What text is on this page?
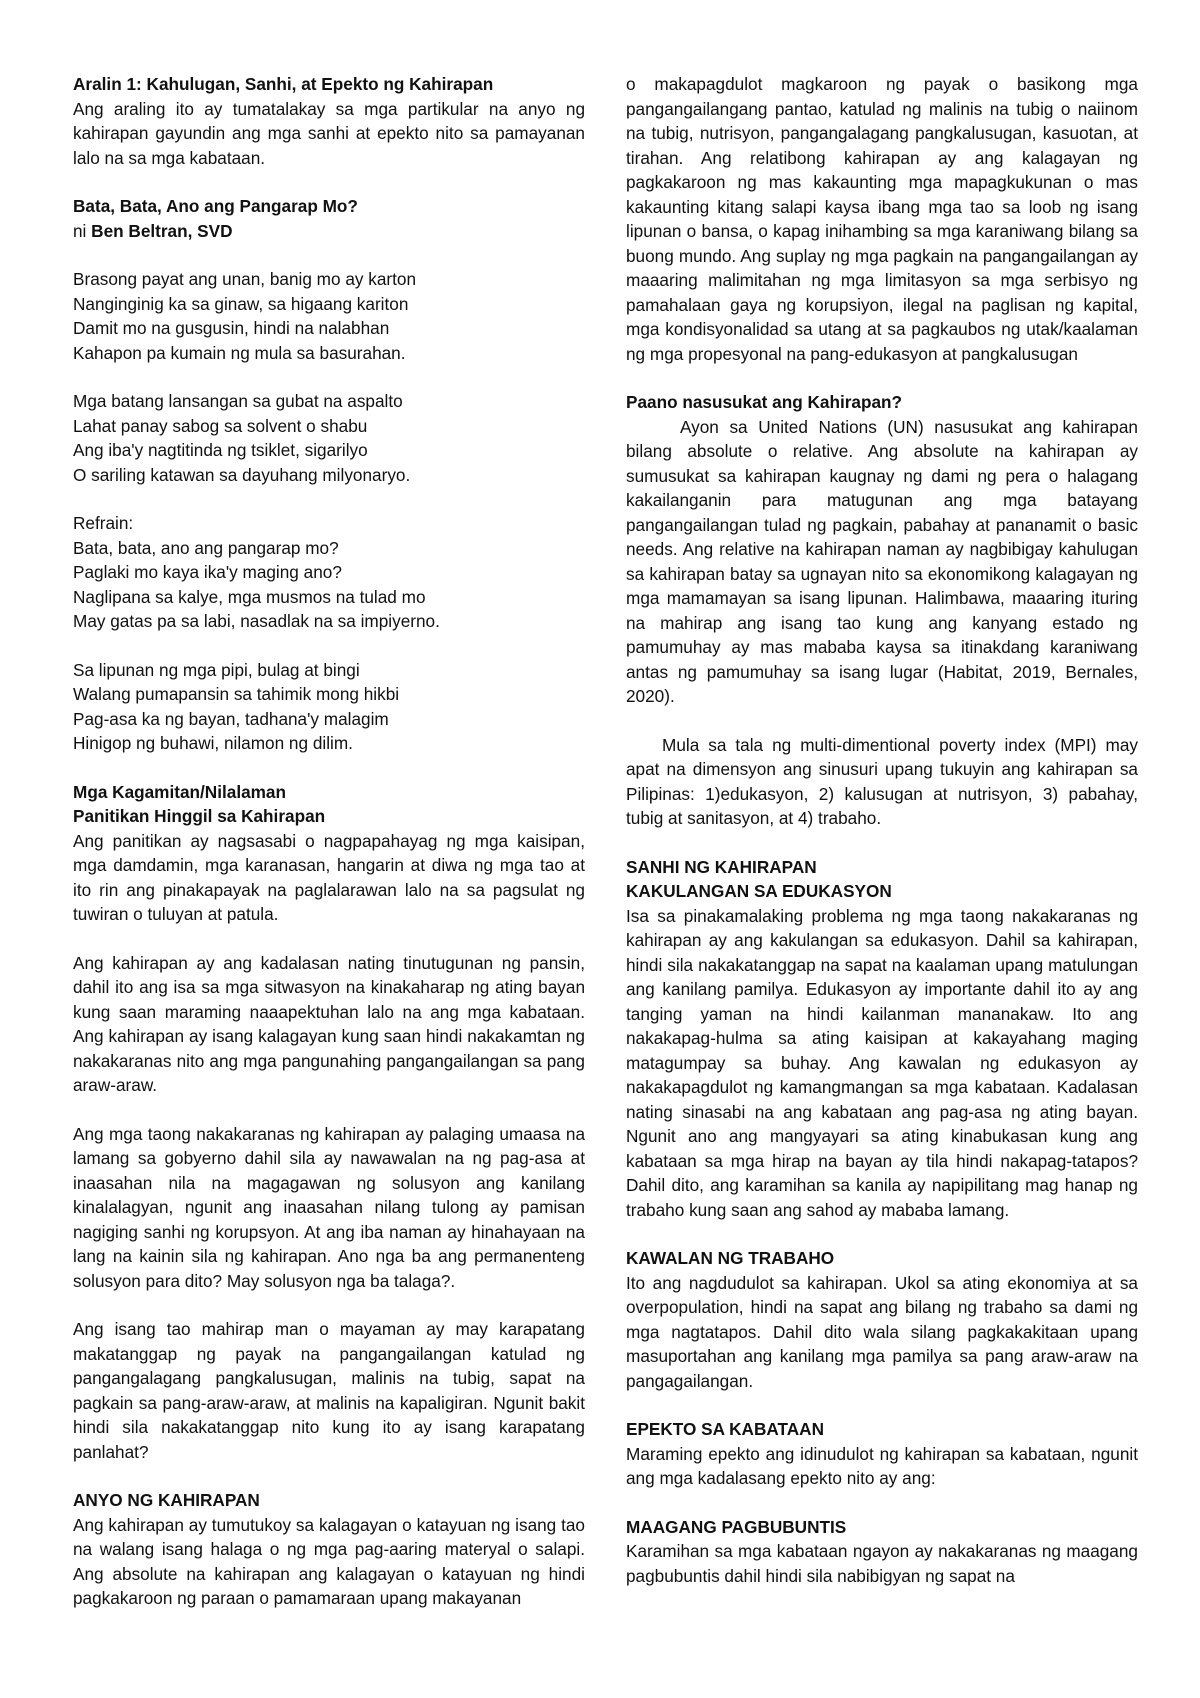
Aralin 1: Kahulugan, Sanhi, at Epekto ng Kahirapan

Ang araling ito ay tumatalakay sa mga partikular na anyo ng kahirapan gayundin ang mga sanhi at epekto nito sa pamayanan lalo na sa mga kabataan.

Bata, Bata, Ano ang Pangarap Mo?

ni Ben Beltran, SVD

Brasong payat ang unan, banig mo ay karton

Nanginginig ka sa ginaw, sa higaang kariton

Damit mo na gusgusin, hindi na nalabhan

Kahapon pa kumain ng mula sa basurahan.

Mga batang lansangan sa gubat na aspalto

Lahat panay sabog sa solvent o shabu

Ang iba'y nagtitinda ng tsiklet, sigarilyo

O sariling katawan sa dayuhang milyonaryo.

Refrain:

Bata, bata, ano ang pangarap mo?

Paglaki mo kaya ika'y maging ano?

Naglipana sa kalye, mga musmos na tulad mo

May gatas pa sa labi, nasadlak na sa impiyerno.

Sa lipunan ng mga pipi, bulag at bingi

Walang pumapansin sa tahimik mong hikbi

Pag-asa ka ng bayan, tadhana'y malagim

Hinigop ng buhawi, nilamon ng dilim.

Mga Kagamitan/Nilalaman

Panitikan Hinggil sa Kahirapan

Ang panitikan ay nagsasabi o nagpapahayag ng mga kaisipan, mga damdamin, mga karanasan, hangarin at diwa ng mga tao at ito rin ang pinakapayak na paglalarawan lalo na sa pagsulat ng tuwiran o tuluyan at patula.

Ang kahirapan ay ang kadalasan nating tinutugunan ng pansin, dahil ito ang isa sa mga sitwasyon na kinakaharap ng ating bayan kung saan maraming naaapektuhan lalo na ang mga kabataan. Ang kahirapan ay isang kalagayan kung saan hindi nakakamtan ng nakakaranas nito ang mga pangunahing pangangailangan sa pang araw-araw.

Ang mga taong nakakaranas ng kahirapan ay palaging umaasa na lamang sa gobyerno dahil sila ay nawawalan na ng pag-asa at inaasahan nila na magagawan ng solusyon ang kanilang kinalalagyan, ngunit ang inaasahan nilang tulong ay pamisan nagiging sanhi ng korupsyon. At ang iba naman ay hinahayaan na lang na kainin sila ng kahirapan. Ano nga ba ang permanenteng solusyon para dito? May solusyon nga ba talaga?.

Ang isang tao mahirap man o mayaman ay may karapatang makatanggap ng payak na pangangailangan katulad ng pangangalagang pangkalusugan, malinis na tubig, sapat na pagkain sa pang-araw-araw, at malinis na kapaligiran. Ngunit bakit hindi sila nakakatanggap nito kung ito ay isang karapatang panlahat?

ANYO NG KAHIRAPAN

Ang kahirapan ay tumutukoy sa kalagayan o katayuan ng isang tao na walang isang halaga o ng mga pag-aaring materyal o salapi. Ang absolute na kahirapan ang kalagayan o katayuan ng hindi pagkakaroon ng paraan o pamamaraan upang makayanan

o makapagdulot magkaroon ng payak o basikong mga pangangailangang pantao, katulad ng malinis na tubig o naiinom na tubig, nutrisyon, pangangalagang pangkalusugan, kasuotan, at tirahan. Ang relatibong kahirapan ay ang kalagayan ng pagkakaroon ng mas kakaunting mga mapagkukunan o mas kakaunting kitang salapi kaysa ibang mga tao sa loob ng isang lipunan o bansa, o kapag inihambing sa mga karaniwang bilang sa buong mundo. Ang suplay ng mga pagkain na pangangailangan ay maaaring malimitahan ng mga limitasyon sa mga serbisyo ng pamahalaan gaya ng korupsiyon, ilegal na paglisan ng kapital, mga kondisyonalidad sa utang at sa pagkaubos ng utak/kaalaman ng mga propesyonal na pang-edukasyon at pangkalusugan

Paano nasusukat ang Kahirapan?

Ayon sa United Nations (UN) nasusukat ang kahirapan bilang absolute o relative. Ang absolute na kahirapan ay sumusukat sa kahirapan kaugnay ng dami ng pera o halagang kakailanganin para matugunan ang mga batayang pangangailangan tulad ng pagkain, pabahay at pananamit o basic needs. Ang relative na kahirapan naman ay nagbibigay kahulugan sa kahirapan batay sa ugnayan nito sa ekonomikong kalagayan ng mga mamamayan sa isang lipunan. Halimbawa, maaaring ituring na mahirap ang isang tao kung ang kanyang estado ng pamumuhay ay mas mababa kaysa sa itinakdang karaniwang antas ng pamumuhay sa isang lugar (Habitat, 2019, Bernales, 2020).

Mula sa tala ng multi-dimentional poverty index (MPI) may apat na dimensyon ang sinusuri upang tukuyin ang kahirapan sa Pilipinas: 1)edukasyon, 2) kalusugan at nutrisyon, 3) pabahay, tubig at sanitasyon, at 4) trabaho.

SANHI NG KAHIRAPAN

KAKULANGAN SA EDUKASYON

Isa sa pinakamalaking problema ng mga taong nakakaranas ng kahirapan ay ang kakulangan sa edukasyon. Dahil sa kahirapan, hindi sila nakakatanggap na sapat na kaalaman upang matulungan ang kanilang pamilya. Edukasyon ay importante dahil ito ay ang tanging yaman na hindi kailanman mananakaw. Ito ang nakakapag-hulma sa ating kaisipan at kakayahang maging matagumpay sa buhay. Ang kawalan ng edukasyon ay nakakapagdulot ng kamangmangan sa mga kabataan. Kadalasan nating sinasabi na ang kabataan ang pag-asa ng ating bayan. Ngunit ano ang mangyayari sa ating kinabukasan kung ang kabataan sa mga hirap na bayan ay tila hindi nakapag-tatapos? Dahil dito, ang karamihan sa kanila ay napipilitang mag hanap ng trabaho kung saan ang sahod ay mababa lamang.

KAWALAN NG TRABAHO

Ito ang nagdudulot sa kahirapan. Ukol sa ating ekonomiya at sa overpopulation, hindi na sapat ang bilang ng trabaho sa dami ng mga nagtatapos. Dahil dito wala silang pagkakakitaan upang masuportahan ang kanilang mga pamilya sa pang araw-araw na pangagailangan.

EPEKTO SA KABATAAN

Maraming epekto ang idinudulot ng kahirapan sa kabataan, ngunit ang mga kadalasang epekto nito ay ang:

MAAGANG PAGBUBUNTIS

Karamihan sa mga kabataan ngayon ay nakakaranas ng maagang pagbubuntis dahil hindi sila nabibigyan ng sapat na
